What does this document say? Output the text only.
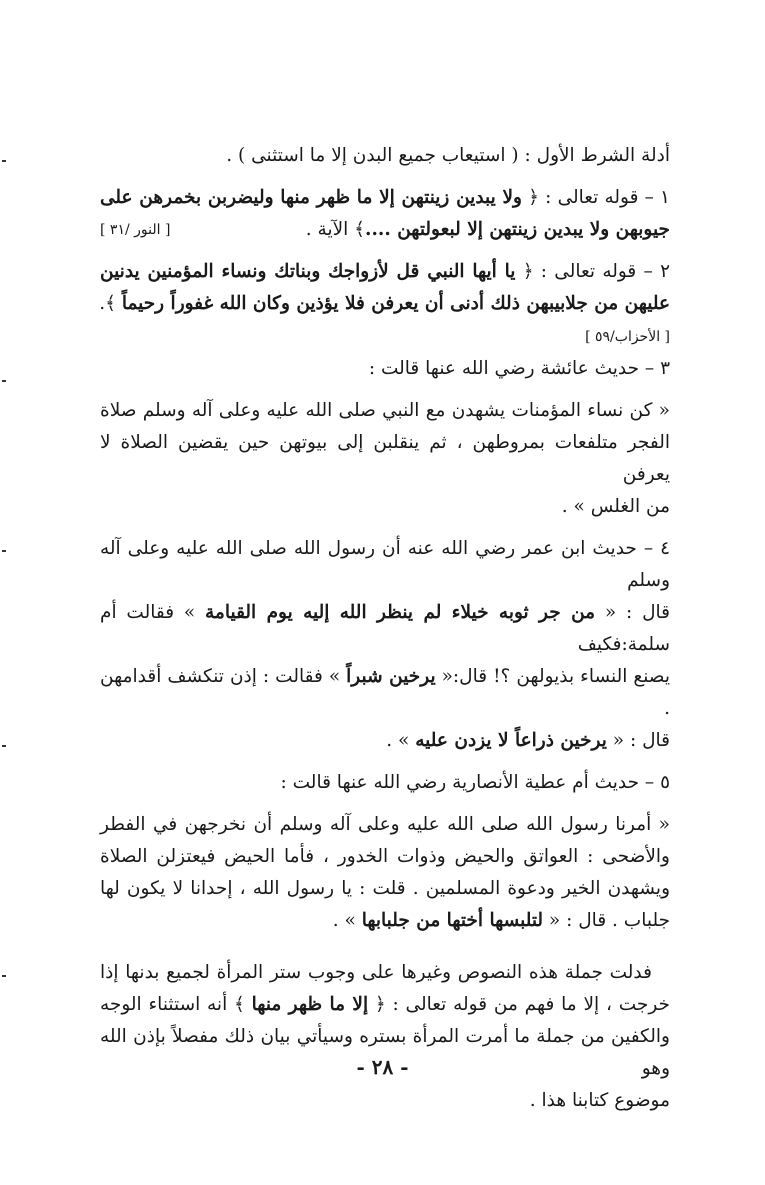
أدلة الشرط الأول : ( استيعاب جميع البدن إلا ما استثنى ) .
١ – قوله تعالى : ﴿ ولا يبدين زينتهن إلا ما ظهر منها وليضربن بخمرهن على
جيوبهن ولا يبدين زينتهن إلا لبعولتهن ....﴾ الآية .
[ النور /٣١ ]
٢ – قوله تعالى : ﴿ يا أيها النبي قل لأزواجك وبناتك ونساء المؤمنين يدنين
عليهن من جلابيبهن ذلك أدنى أن يعرفن فلا يؤذين وكان الله غفوراً رحيماً ﴾.
[ الأحزاب/٥٩ ]
٣ – حديث عائشة رضي الله عنها قالت :
« كن نساء المؤمنات يشهدن مع النبي صلى الله عليه وعلى آله وسلم صلاة
الفجر متلفعات بمروطهن ، ثم ينقلبن إلى بيوتهن حين يقضين الصلاة لا يعرفن
من الغلس » .
٤ – حديث ابن عمر رضي الله عنه أن رسول الله صلى الله عليه وعلى آله وسلم
قال : « من جر ثوبه خيلاء لم ينظر الله إليه يوم القيامة » فقالت أم سلمة:فكيف
يصنع النساء بذيولهن ؟! قال:« يرخين شبراً » فقالت : إذن تنكشف أقدامهن .
قال : « يرخين ذراعاً لا يزدن عليه » .
٥ – حديث أم عطية الأنصارية رضي الله عنها قالت :
« أمرنا رسول الله صلى الله عليه وعلى آله وسلم أن نخرجهن في الفطر
والأضحى : العواتق والحيض وذوات الخدور ، فأما الحيض فيعتزلن الصلاة
ويشهدن الخير ودعوة المسلمين . قلت : يا رسول الله ، إحدانا لا يكون لها
جلباب . قال : « لتلبسها أختها من جلبابها » .
فدلت جملة هذه النصوص وغيرها على وجوب ستر المرأة لجميع بدنها إذا
خرجت ، إلا ما فهم من قوله تعالى : ﴿ إلا ما ظهر منها ﴾ أنه استثناء الوجه
والكفين من جملة ما أمرت المرأة بستره وسيأتي بيان ذلك مفصلاً بإذن الله وهو
موضوع كتابنا هذا .
- ٢٨ -
